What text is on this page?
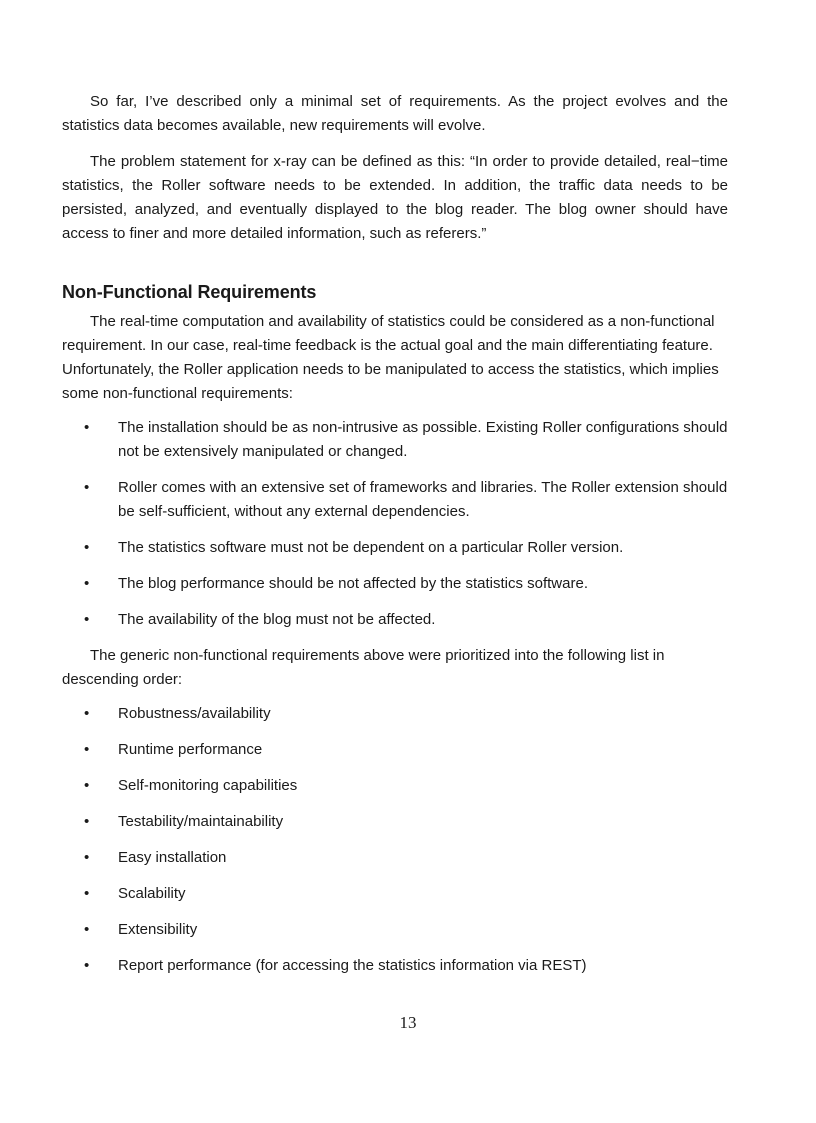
So far, I’ve described only a minimal set of requirements. As the project evolves and the statistics data becomes available, new requirements will evolve.

The problem statement for x-ray can be defined as this: “In order to provide detailed, real−time statistics, the Roller software needs to be extended. In addition, the traffic data needs to be persisted, analyzed, and eventually displayed to the blog reader. The blog owner should have access to finer and more detailed information, such as referers.”

Non-Functional Requirements

The real-time computation and availability of statistics could be considered as a non-functional requirement. In our case, real-time feedback is the actual goal and the main differentiating feature. Unfortunately, the Roller application needs to be manipulated to access the statistics, which implies some non-functional requirements:

•	The installation should be as non-intrusive as possible. Existing Roller configurations should not be extensively manipulated or changed.
•	Roller comes with an extensive set of frameworks and libraries. The Roller extension should be self-sufficient, without any external dependencies.
•	The statistics software must not be dependent on a particular Roller version.
•	The blog performance should be not affected by the statistics software.
•	The availability of the blog must not be affected.

The generic non-functional requirements above were prioritized into the following list in descending order:

•	Robustness/availability
•	Runtime performance
•	Self-monitoring capabilities
•	Testability/maintainability
•	Easy installation
•	Scalability
•	Extensibility
•	Report performance (for accessing the statistics information via REST)
13
